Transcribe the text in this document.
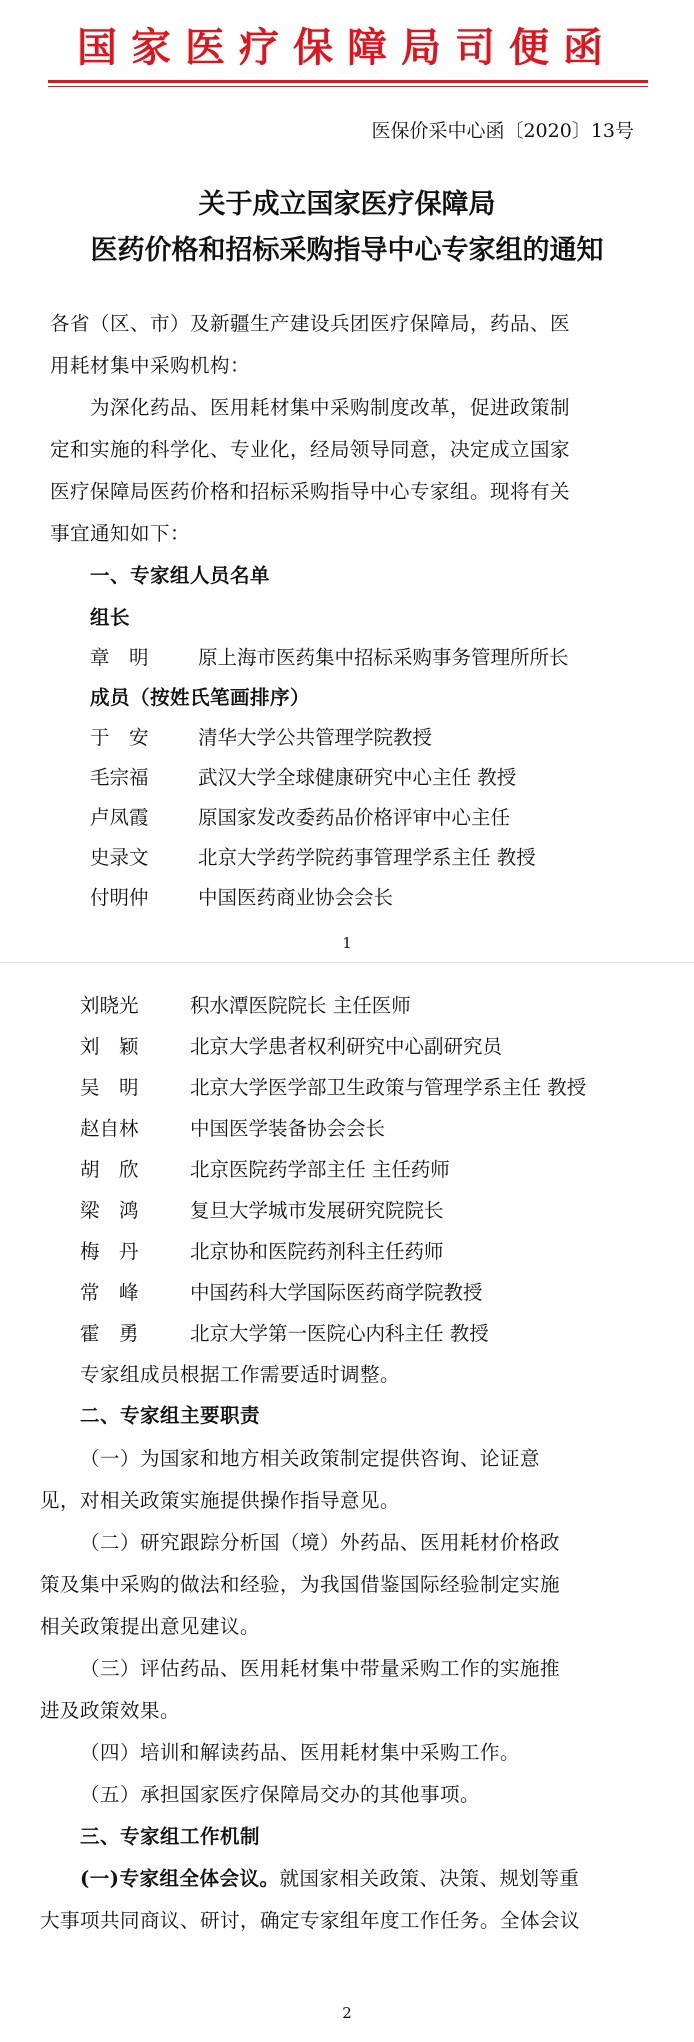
国家医疗保障局司便函
医保价采中心函〔2020〕13号
关于成立国家医疗保障局
医药价格和招标采购指导中心专家组的通知
各省（区、市）及新疆生产建设兵团医疗保障局，药品、医
用耗材集中采购机构：
为深化药品、医用耗材集中采购制度改革，促进政策制
定和实施的科学化、专业化，经局领导同意，决定成立国家
医疗保障局医药价格和招标采购指导中心专家组。现将有关
事宜通知如下：
一、专家组人员名单
组长
章　明	原上海市医药集中招标采购事务管理所所长
成员（按姓氏笔画排序）
于　安	清华大学公共管理学院教授
毛宗福	武汉大学全球健康研究中心主任 教授
卢凤霞	原国家发改委药品价格评审中心主任
史录文	北京大学药学院药事管理学系主任 教授
付明仲	中国医药商业协会会长
1
刘晓光	积水潭医院院长 主任医师
刘　颖	北京大学患者权利研究中心副研究员
吴　明	北京大学医学部卫生政策与管理学系主任 教授
赵自林	中国医学装备协会会长
胡　欣	北京医院药学部主任 主任药师
梁　鸿	复旦大学城市发展研究院院长
梅　丹	北京协和医院药剂科主任药师
常　峰	中国药科大学国际医药商学院教授
霍　勇	北京大学第一医院心内科主任 教授
专家组成员根据工作需要适时调整。
二、专家组主要职责
（一）为国家和地方相关政策制定提供咨询、论证意
见，对相关政策实施提供操作指导意见。
（二）研究跟踪分析国（境）外药品、医用耗材价格政
策及集中采购的做法和经验，为我国借鉴国际经验制定实施
相关政策提出意见建议。
（三）评估药品、医用耗材集中带量采购工作的实施推
进及政策效果。
（四）培训和解读药品、医用耗材集中采购工作。
（五）承担国家医疗保障局交办的其他事项。
三、专家组工作机制
(一)专家组全体会议。就国家相关政策、决策、规划等重
大事项共同商议、研讨，确定专家组年度工作任务。全体会议
2
